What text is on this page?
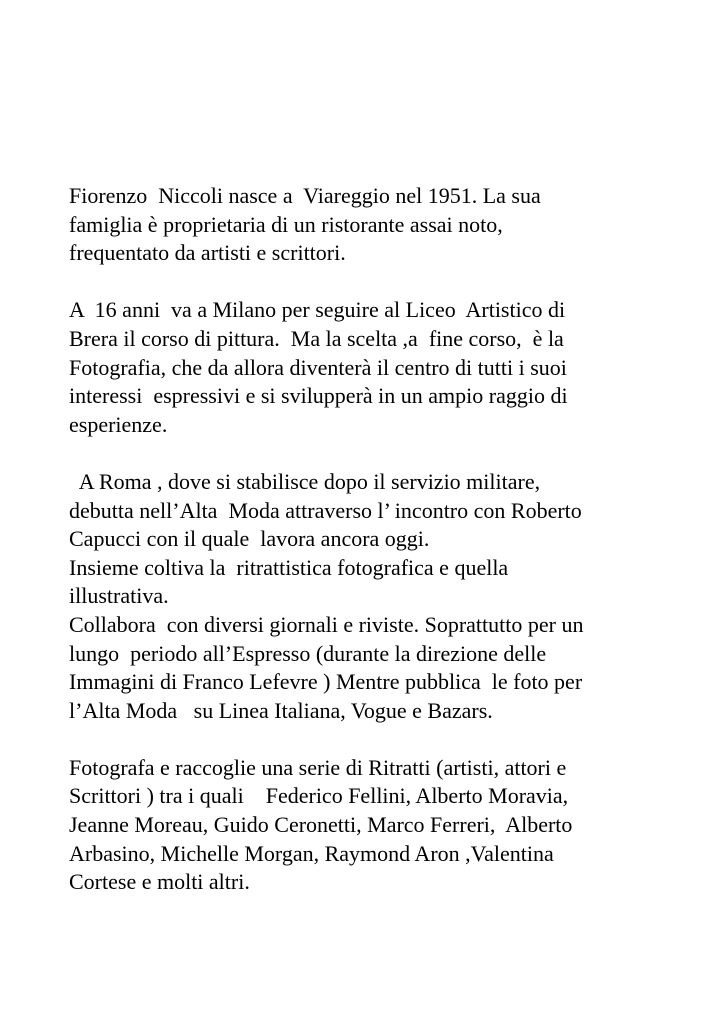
Fiorenzo  Niccoli nasce a  Viareggio nel 1951. La sua
famiglia è proprietaria di un ristorante assai noto,
frequentato da artisti e scrittori.

A  16 anni  va a Milano per seguire al Liceo  Artistico di
Brera il corso di pittura.  Ma la scelta ,a  fine corso,  è la
Fotografia, che da allora diventerà il centro di tutti i suoi
interessi  espressivi e si svilupperà in un ampio raggio di
esperienze.

A Roma , dove si stabilisce dopo il servizio militare,
debutta nell’Alta  Moda attraverso l’ incontro con Roberto
Capucci con il quale  lavora ancora oggi.
Insieme coltiva la  ritrattistica fotografica e quella
illustrativa.
Collabora  con diversi giornali e riviste. Soprattutto per un
lungo  periodo all’Espresso (durante la direzione delle
Immagini di Franco Lefevre ) Mentre pubblica  le foto per
l’Alta Moda   su Linea Italiana, Vogue e Bazars.

Fotografa e raccoglie una serie di Ritratti (artisti, attori e
Scrittori ) tra i quali    Federico Fellini, Alberto Moravia,
Jeanne Moreau, Guido Ceronetti, Marco Ferreri,  Alberto
Arbasino, Michelle Morgan, Raymond Aron ,Valentina
Cortese e molti altri.
